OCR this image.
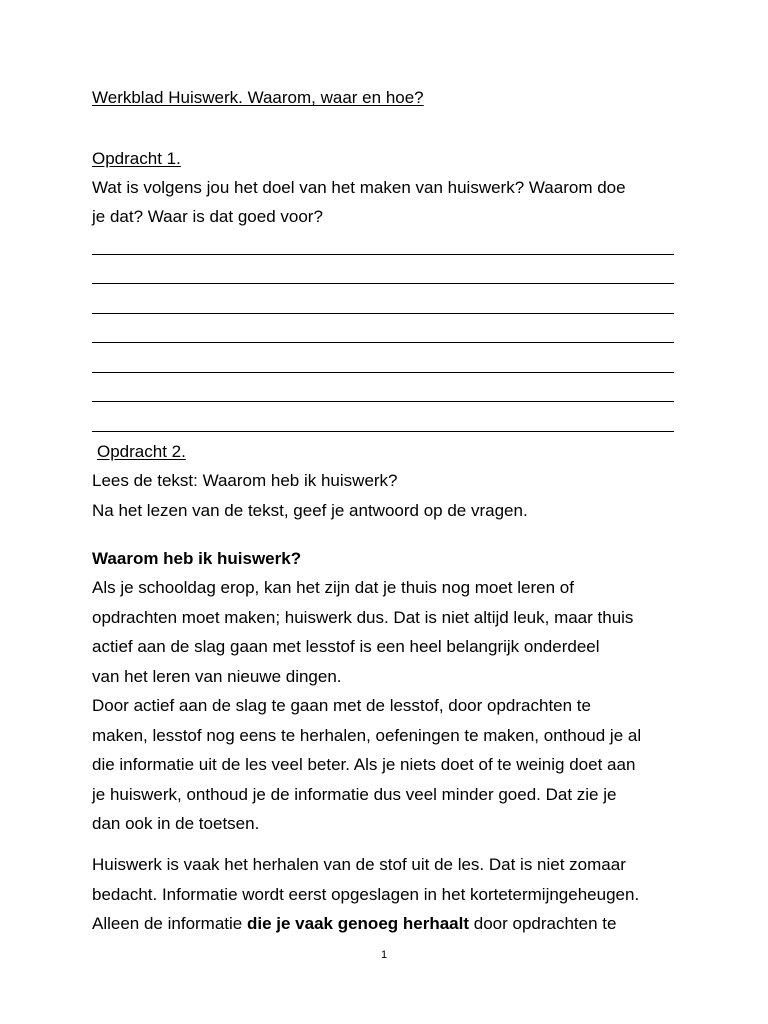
Werkblad Huiswerk. Waarom, waar en hoe?
Opdracht 1.
Wat is volgens jou het doel van het maken van huiswerk? Waarom doe
je dat? Waar is dat goed voor?
Opdracht 2.
Lees de tekst: Waarom heb ik huiswerk?
Na het lezen van de tekst, geef je antwoord op de vragen.
Waarom heb ik huiswerk?
Als je schooldag erop, kan het zijn dat je thuis nog moet leren of
opdrachten moet maken; huiswerk dus. Dat is niet altijd leuk, maar thuis
actief aan de slag gaan met lesstof is een heel belangrijk onderdeel
van het leren van nieuwe dingen.
Door actief aan de slag te gaan met de lesstof, door opdrachten te
maken, lesstof nog eens te herhalen, oefeningen te maken, onthoud je al
die informatie uit de les veel beter. Als je niets doet of te weinig doet aan
je huiswerk, onthoud je de informatie dus veel minder goed. Dat zie je
dan ook in de toetsen.
Huiswerk is vaak het herhalen van de stof uit de les. Dat is niet zomaar
bedacht. Informatie wordt eerst opgeslagen in het kortetermijngeheugen.
Alleen de informatie die je vaak genoeg herhaalt door opdrachten te
1
